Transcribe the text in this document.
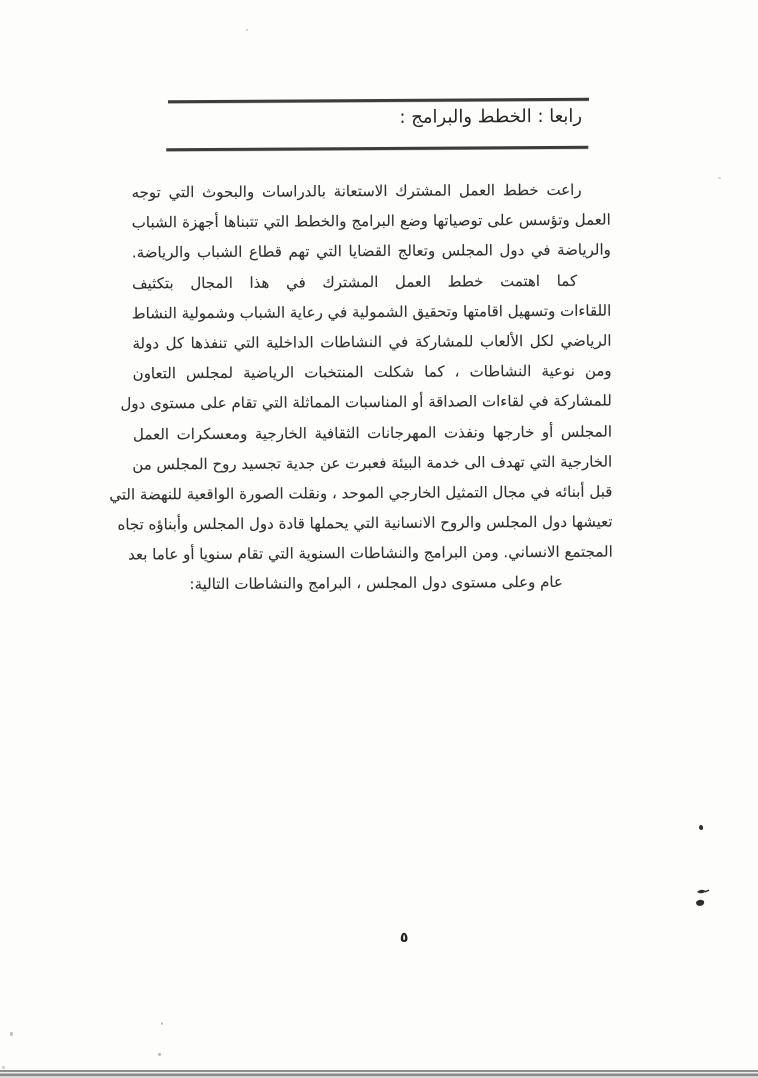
رابعا : الخطط والبرامج :
راعت خطط العمل المشترك الاستعانة بالدراسات والبحوث التي توجه
العمل وتؤسس على توصياتها وضع البرامج والخطط التي تتبناها أجهزة الشباب
والرياضة في دول المجلس وتعالج القضايا التي تهم قطاع الشباب والرياضة.
كما اهتمت خطط العمل المشترك في هذا المجال بتكثيف
اللقاءات وتسهيل اقامتها وتحقيق الشمولية في رعاية الشباب وشمولية النشاط
الرياضي لكل الألعاب للمشاركة في النشاطات الداخلية التي تنفذها كل دولة
ومن نوعية النشاطات ، كما شكلت المنتخبات الرياضية لمجلس التعاون
للمشاركة في لقاءات الصداقة أو المناسبات المماثلة التي تقام على مستوى دول
المجلس أو خارجها ونفذت المهرجانات الثقافية الخارجية ومعسكرات العمل
الخارجية التي تهدف الى خدمة البيئة فعبرت عن جدية تجسيد روح المجلس من
قبل أبنائه في مجال التمثيل الخارجي الموحد ، ونقلت الصورة الواقعية للنهضة التي
تعيشها دول المجلس والروح الانسانية التي يحملها قادة دول المجلس وأبناؤه تجاه
المجتمع الانساني. ومن البرامج والنشاطات السنوية التي تقام سنويا أو عاما بعد
عام وعلى مستوى دول المجلس ، البرامج والنشاطات التالية:
٥
